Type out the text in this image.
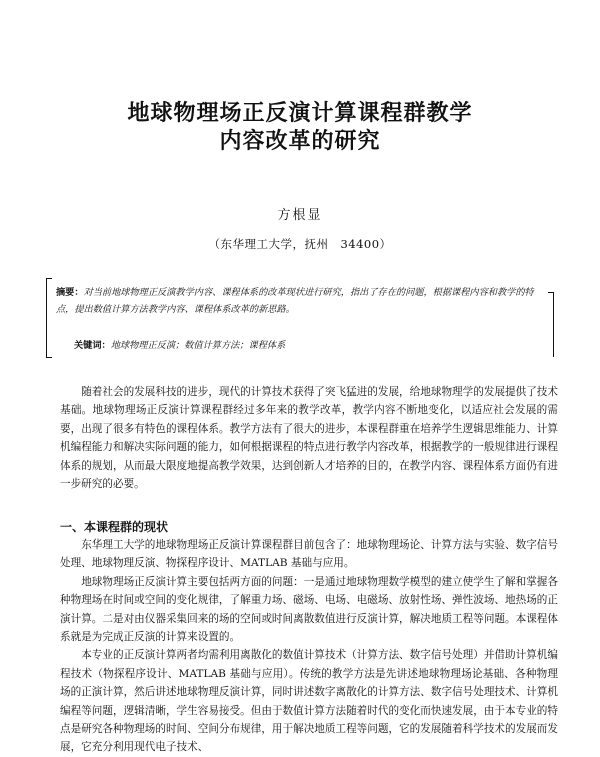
地球物理场正反演计算课程群教学
内容改革的研究
方根显
（东华理工大学，抚州　34400）
摘要：对当前地球物理正反演教学内容、课程体系的改革现状进行研究，指出了存在的问题，根据课程内容和教学的特点，提出数值计算方法教学内容、课程体系改革的新思路。
关键词：地球物理正反演；数值计算方法；课程体系

随着社会的发展科技的进步，现代的计算技术获得了突飞猛进的发展，给地球物理学的发展提供了技术基础。地球物理场正反演计算课程群经过多年来的教学改革，教学内容不断地变化，以适应社会发展的需要，出现了很多有特色的课程体系。教学方法有了很大的进步，本课程群重在培养学生逻辑思维能力、计算机编程能力和解决实际问题的能力，如何根据课程的特点进行教学内容改革，根据教学的一般规律进行课程体系的规划，从而最大限度地提高教学效果，达到创新人才培养的目的，在教学内容、课程体系方面仍有进一步研究的必要。

一、本课程群的现状

东华理工大学的地球物理场正反演计算课程群目前包含了：地球物理场论、计算方法与实验、数字信号处理、地球物理反演、物探程序设计、MATLAB 基础与应用。

地球物理场正反演计算主要包括两方面的问题：一是通过地球物理数学模型的建立使学生了解和掌握各种物理场在时间或空间的变化规律，了解重力场、磁场、电场、电磁场、放射性场、弹性波场、地热场的正演计算。二是对由仪器采集回来的场的空间或时间离散数值进行反演计算，解决地质工程等问题。本课程体系就是为完成正反演的计算来设置的。

本专业的正反演计算两者均需利用离散化的数值计算技术（计算方法、数字信号处理）并借助计算机编程技术（物探程序设计、MATLAB 基础与应用）。传统的教学方法是先讲述地球物理场论基础、各种物理场的正演计算，然后讲述地球物理反演计算，同时讲述数字离散化的计算方法、数字信号处理技术、计算机编程等问题，逻辑清晰，学生容易接受。但由于数值计算方法随着时代的变化而快速发展，由于本专业的特点是研究各种物理场的时间、空间分布规律，用于解决地质工程等问题，它的发展随着科学技术的发展而发展，它充分利用现代电子技术、
